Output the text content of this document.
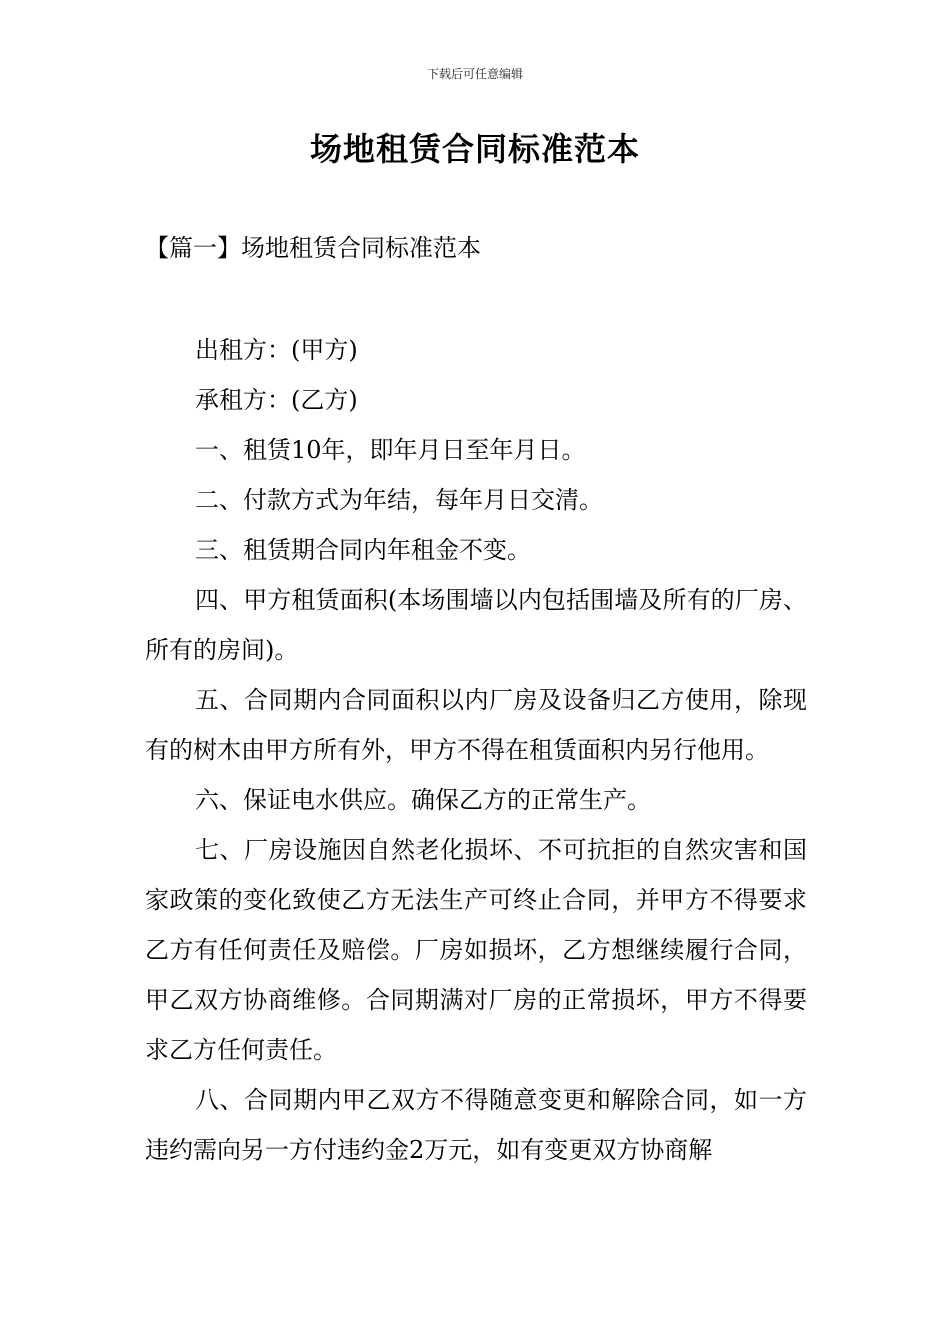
下载后可任意编辑
场地租赁合同标准范本
【篇一】场地租赁合同标准范本

出租方：(甲方)

承租方：(乙方)

一、租赁10年，即年月日至年月日。

二、付款方式为年结，每年月日交清。

三、租赁期合同内年租金不变。

四、甲方租赁面积(本场围墙以内包括围墙及所有的厂房、所有的房间)。

五、合同期内合同面积以内厂房及设备归乙方使用，除现有的树木由甲方所有外，甲方不得在租赁面积内另行他用。

六、保证电水供应。确保乙方的正常生产。

七、厂房设施因自然老化损坏、不可抗拒的自然灾害和国家政策的变化致使乙方无法生产可终止合同，并甲方不得要求乙方有任何责任及赔偿。厂房如损坏，乙方想继续履行合同，甲乙双方协商维修。合同期满对厂房的正常损坏，甲方不得要求乙方任何责任。

八、合同期内甲乙双方不得随意变更和解除合同，如一方违约需向另一方付违约金2万元，如有变更双方协商解
